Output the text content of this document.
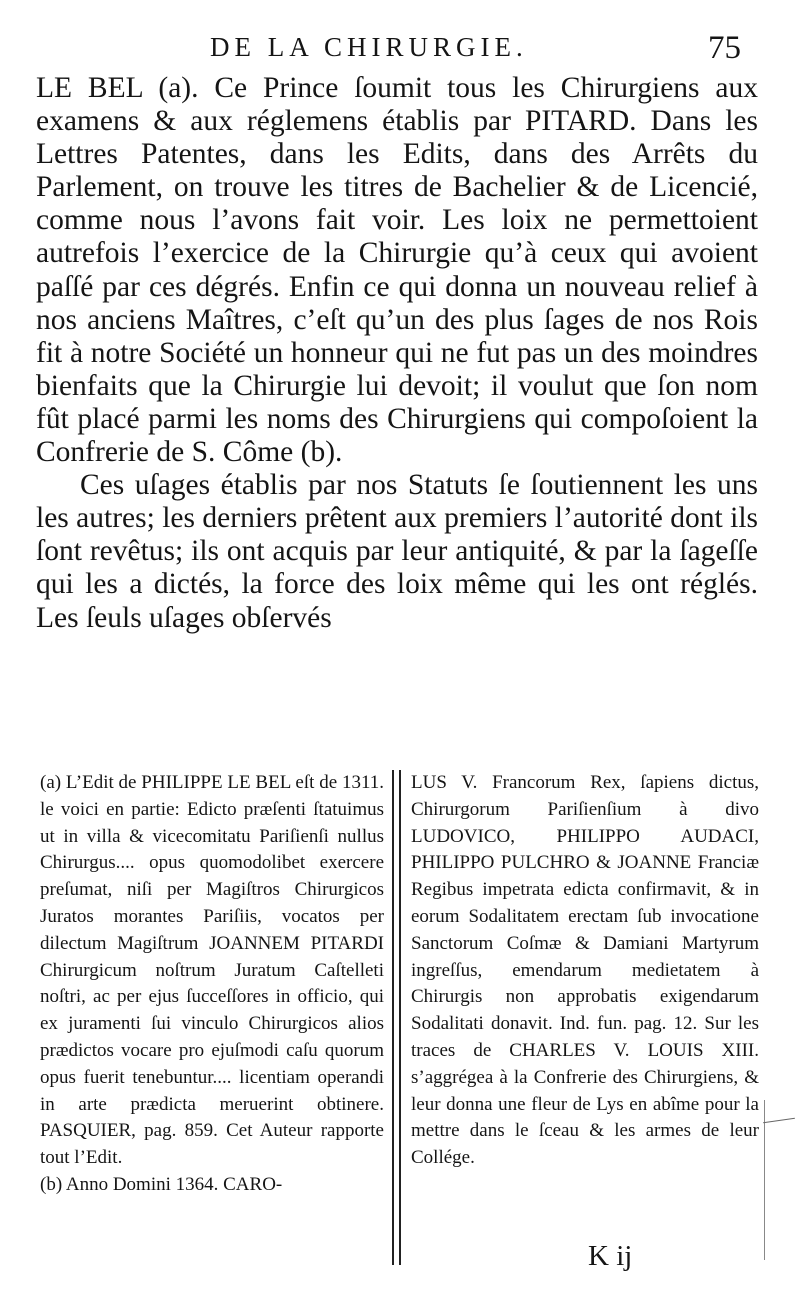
DE LA CHIRURGIE.	75

LE BEL (a). Ce Prince ſoumit tous les Chirurgiens aux examens & aux réglemens établis par PITARD. Dans les Lettres Patentes, dans les Edits, dans des Arrêts du Parlement, on trouve les titres de Bachelier & de Licencié, comme nous l’avons fait voir. Les loix ne permettoient autrefois l’exercice de la Chirurgie qu’à ceux qui avoient paſſé par ces dégrés. Enfin ce qui donna un nouveau relief à nos anciens Maîtres, c’eſt qu’un des plus ſages de nos Rois fit à notre Société un honneur qui ne fut pas un des moindres bienfaits que la Chirurgie lui devoit; il voulut que ſon nom fût placé parmi les noms des Chirurgiens qui compoſoient la Confrerie de S. Côme (b).

Ces uſages établis par nos Statuts ſe ſoutiennent les uns les autres; les derniers prêtent aux premiers l’autorité dont ils ſont revêtus; ils ont acquis par leur antiquité, & par la ſageſſe qui les a dictés, la force des loix même qui les ont réglés. Les ſeuls uſages obſervés

(a) L’Edit de PHILIPPE LE BEL eſt de 1311. le voici en partie: Edicto præſenti ſtatuimus ut in villa & vicecomitatu Pariſienſi nullus Chirurgus.... opus quomodolibet exercere preſumat, niſi per Magiſtros Chirurgicos Juratos morantes Pariſiis, vocatos per dilectum Magiſtrum JOANNEM PITARDI Chirurgicum noſtrum Juratum Caſtelleti noſtri, ac per ejus ſucceſſores in officio, qui ex juramenti ſui vinculo Chirurgicos alios prædictos vocare pro ejuſmodi caſu quorum opus fuerit tenebuntur.... licentiam operandi in arte prædicta meruerint obtinere. PASQUIER, pag. 859. Cet Auteur rapporte tout l’Edit.

(b) Anno Domini 1364. CARO-

LUS V. Francorum Rex, ſapiens dictus, Chirurgorum Pariſienſium à divo LUDOVICO, PHILIPPO AUDACI, PHILIPPO PULCHRO & JOANNE Franciæ Regibus impetrata edicta confirmavit, & in eorum Sodalitatem erectam ſub invocatione Sanctorum Coſmæ & Damiani Martyrum ingreſſus, emendarum medietatem à Chirurgis non approbatis exigendarum Sodalitati donavit. Ind. fun. pag. 12. Sur les traces de CHARLES V. LOUIS XIII. s’aggrégea à la Confrerie des Chirurgiens, & leur donna une fleur de Lys en abîme pour la mettre dans le ſceau & les armes de leur Collége.

K ij
